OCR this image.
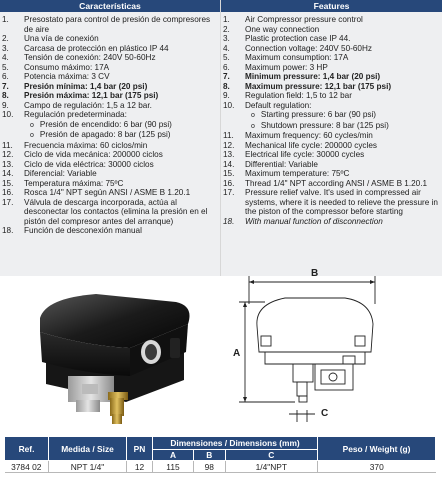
Características
1.	Presostato para control de presión de compresores de aire
2.	Una vía de conexión
3.	Carcasa de protección en plástico IP 44
4.	Tensión de conexión: 240V 50-60Hz
5.	Consumo máximo: 17A
6.	Potencia máxima: 3 CV
7.	Presión mínima: 1,4 bar (20 psi)
8.	Presión máxima: 12,1 bar (175 psi)
9.	Campo de regulación: 1,5 a 12 bar.
10.	Regulación predeterminada:
o Presión de encendido: 6 bar (90 psi)
o Presión de apagado: 8 bar (125 psi)
11.	Frecuencia máxima: 60 ciclos/min
12.	Ciclo de vida mecánica: 200000 ciclos
13.	Ciclo de vida eléctrica: 30000 ciclos
14.	Diferencial: Variable
15.	Temperatura máxima: 75ºC
16.	Rosca 1/4" NPT según ANSI / ASME B 1.20.1
17.	Válvula de descarga incorporada, actúa al desconectar los contactos (elimina la presión en el pistón del compresor antes del arranque)
18.	Función de desconexión manual
Features
1.	Air Compressor pressure control
2.	One way connection
3.	Plastic protection case IP 44.
4.	Connection voltage: 240V 50-60Hz
5.	Maximum consumption: 17A
6.	Maximum power: 3 HP
7.	Minimum pressure: 1,4 bar (20 psi)
8.	Maximum pressure: 12,1 bar (175 psi)
9.	Regulation field: 1,5 to 12 bar
10.	Default regulation:
o Starting pressure: 6 bar (90 psi)
o Shutdown pressure: 8 bar (125 psi)
11.	Maximum frequency: 60 cycles/min
12.	Mechanical life cycle: 200000 cycles
13.	Electrical life cycle: 30000 cycles
14.	Differential: Variable
15.	Maximum temperature: 75ºC
16.	Thread 1/4" NPT according ANSI / ASME B 1.20.1
17.	Pressure relief valve. It's used in compressed air systems, where it is needed to relieve the pressure in the piston of the compressor before starting
18.	With manual function of disconnection
B
A
C
Ref.	Medida / Size	PN	Dimensiones / Dimensions (mm)			Peso / Weight (g)
			A	B	C	
3784 02	NPT 1/4"	12	115	98	1/4"NPT	370
